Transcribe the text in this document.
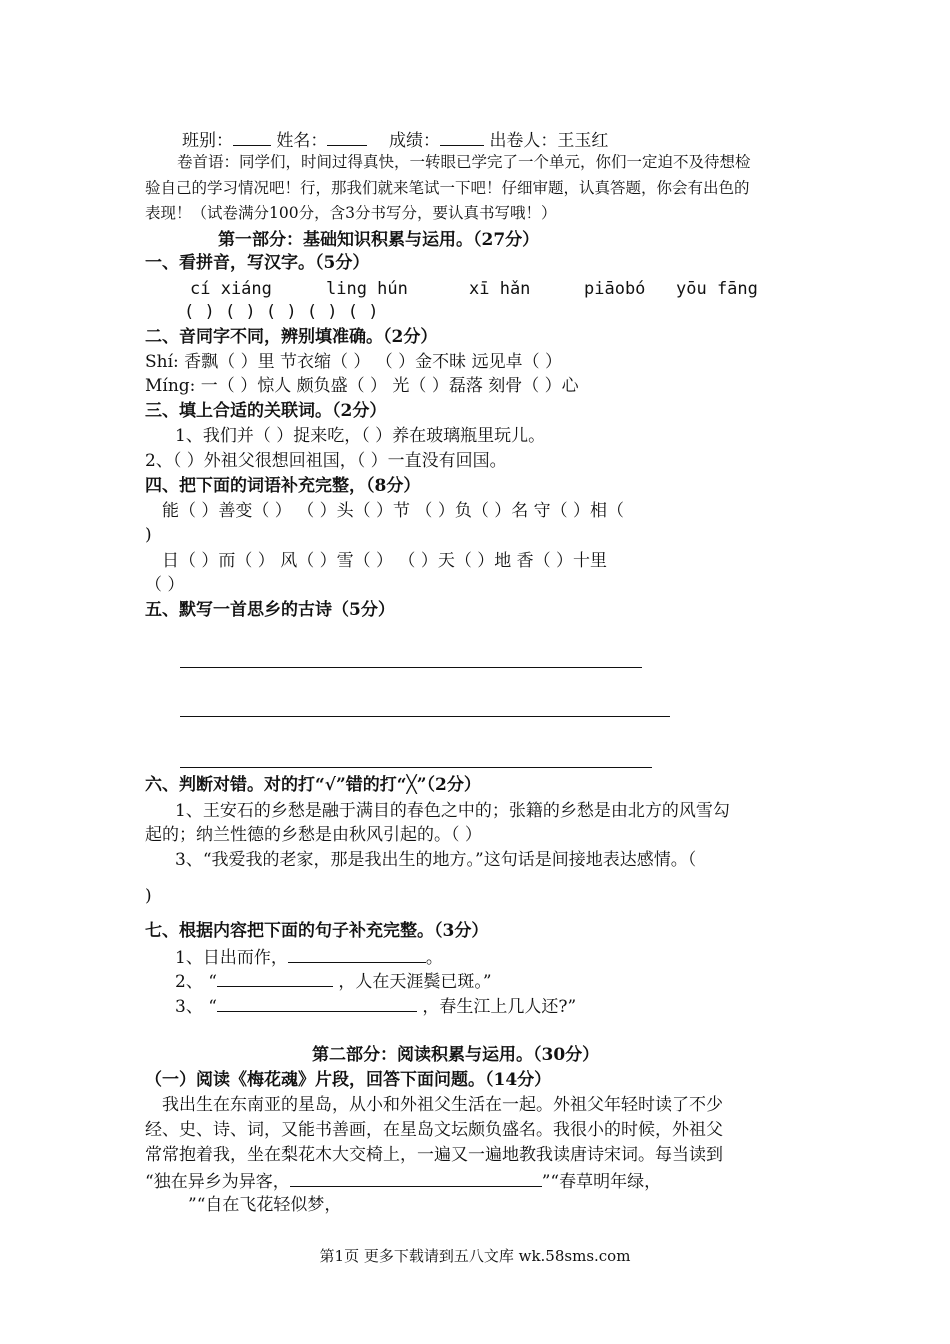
班别：	姓名：	成绩：	出卷人：王玉红
卷首语：同学们，时间过得真快，一转眼已学完了一个单元，你们一定迫不及待想检
验自己的学习情况吧！行，那我们就来笔试一下吧！仔细审题，认真答题，你会有出色的
表现！（试卷满分100分，含3分书写分，要认真书写哦！）
第一部分：基础知识积累与运用。（27分）
一、看拼音，写汉字。（5分）
cí xiáng	ling hún	xī hǎn	piāobó yōu fāng
( ) ( ) ( ) ( ) ( )
二、音同字不同，辨别填准确。（2分）
Shí: 香飘（ ）里 节衣缩（ ） （ ）金不昧 远见卓（ ）
Míng: 一（ ）惊人 颇负盛（ ） 光（ ）磊落 刻骨（ ）心
三、填上合适的关联词。（2分）
1、我们并（ ）捉来吃，（ ）养在玻璃瓶里玩儿。
2、（ ）外祖父很想回祖国，（ ）一直没有回国。
四、把下面的词语补充完整，（8分）
能（ ）善变（ ） （ ）头（ ）节 （ ）负（ ）名 守（ ）相（
)
日（ ）而（ ） 风（ ）雪（ ） （ ）天（ ）地 香（ ）十里
（ ）
五、默写一首思乡的古诗（5分）
六、判断对错。对的打“√”错的打“╳”（2分）
1、王安石的乡愁是融于满目的春色之中的；张籍的乡愁是由北方的风雪勾
起的；纳兰性德的乡愁是由秋风引起的。（ ）
3、“我爱我的老家，那是我出生的地方。”这句话是间接地表达感情。（
)
七、根据内容把下面的句子补充完整。（3分）
1、日出而作，	。
2、 “	，人在天涯鬓已斑。”
3、 “	，春生江上几人还?”
第二部分：阅读积累与运用。（30分）
（一）阅读《梅花魂》片段，回答下面问题。（14分）
我出生在东南亚的星岛，从小和外祖父生活在一起。外祖父年轻时读了不少
经、史、诗、词，又能书善画，在星岛文坛颇负盛名。我很小的时候，外祖父
常常抱着我，坐在梨花木大交椅上，一遍又一遍地教我读唐诗宋词。每当读到
“独在异乡为异客，	”“春草明年绿，
”“自在飞花轻似梦，
第1页 更多下载请到五八文库 wk.58sms.com
